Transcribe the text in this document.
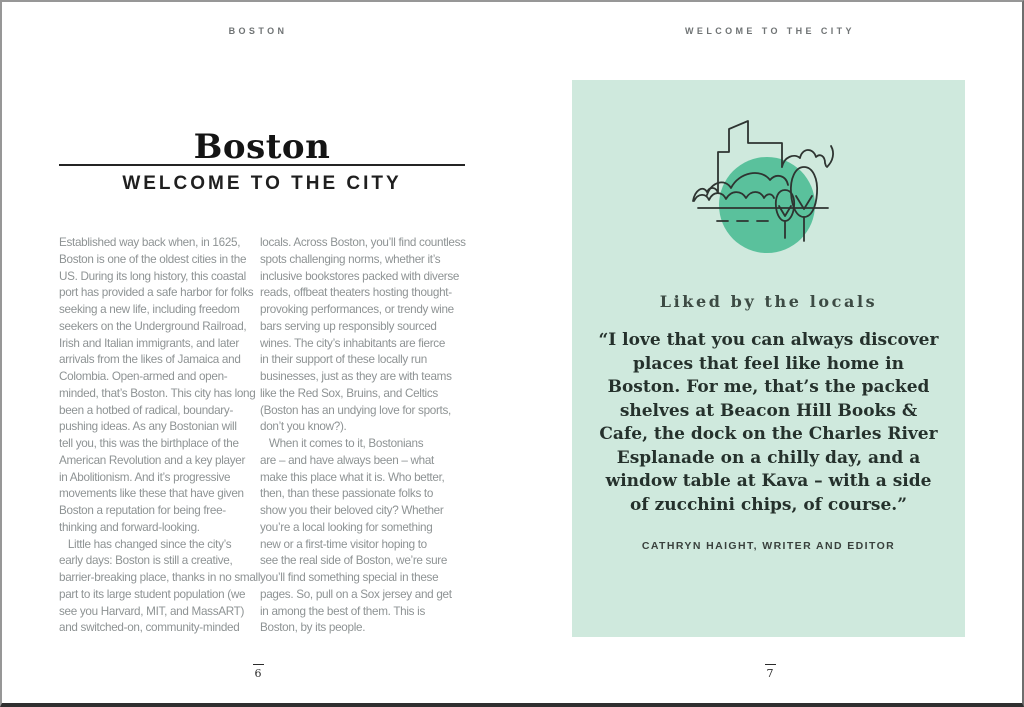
BOSTON
Boston
WELCOME TO THE CITY
Established way back when, in 1625,
Boston is one of the oldest cities in the
US. During its long history, this coastal
port has provided a safe harbor for folks
seeking a new life, including freedom
seekers on the Underground Railroad,
Irish and Italian immigrants, and later
arrivals from the likes of Jamaica and
Colombia. Open-armed and open-
minded, that’s Boston. This city has long
been a hotbed of radical, boundary-
pushing ideas. As any Bostonian will
tell you, this was the birthplace of the
American Revolution and a key player
in Abolitionism. And it’s progressive
movements like these that have given
Boston a reputation for being free-
thinking and forward-looking.
Little has changed since the city’s
early days: Boston is still a creative,
barrier-breaking place, thanks in no small
part to its large student population (we
see you Harvard, MIT, and MassART)
and switched-on, community-minded
locals. Across Boston, you’ll find countless
spots challenging norms, whether it’s
inclusive bookstores packed with diverse
reads, offbeat theaters hosting thought-
provoking performances, or trendy wine
bars serving up responsibly sourced
wines. The city’s inhabitants are fierce
in their support of these locally run
businesses, just as they are with teams
like the Red Sox, Bruins, and Celtics
(Boston has an undying love for sports,
don’t you know?).
When it comes to it, Bostonians
are – and have always been – what
make this place what it is. Who better,
then, than these passionate folks to
show you their beloved city? Whether
you’re a local looking for something
new or a first-time visitor hoping to
see the real side of Boston, we’re sure
you’ll find something special in these
pages. So, pull on a Sox jersey and get
in among the best of them. This is
Boston, by its people.
6
WELCOME TO THE CITY
Liked by the locals
“I love that you can always discover
places that feel like home in
Boston. For me, that’s the packed
shelves at Beacon Hill Books &
Cafe, the dock on the Charles River
Esplanade on a chilly day, and a
window table at Kava – with a side
of zucchini chips, of course.”
CATHRYN HAIGHT, WRITER AND EDITOR
7
